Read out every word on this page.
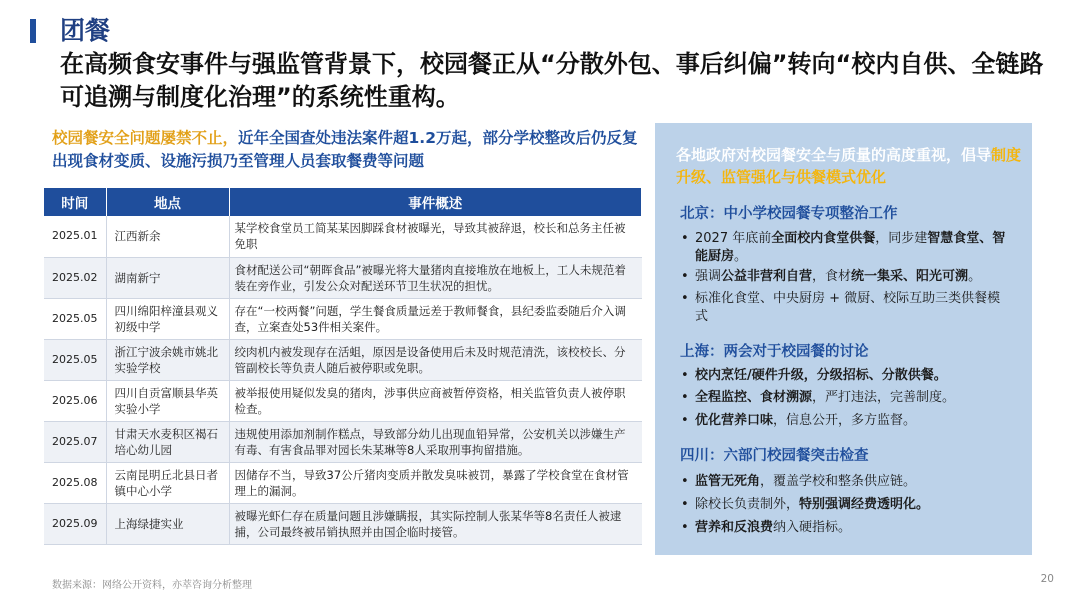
团餐
在高频食安事件与强监管背景下，校园餐正从“分散外包、事后纠偏”转向“校内自供、全链路可追溯与制度化治理”的系统性重构。
校园餐安全问题屡禁不止，近年全国查处违法案件超1.2万起，部分学校整改后仍反复出现食材变质、设施污损乃至管理人员套取餐费等问题
时间	地点	事件概述
2025.01	江西新余	某学校食堂员工简某某因脚踩食材被曝光，导致其被辞退，校长和总务主任被免职
2025.02	湖南新宁	食材配送公司“朝晖食品”被曝光将大量猪肉直接堆放在地板上，工人未规范着装在旁作业，引发公众对配送环节卫生状况的担忧。
2025.05	四川绵阳梓潼县观义初级中学	存在“一校两餐”问题，学生餐食质量远差于教师餐食，县纪委监委随后介入调查，立案查处53件相关案件。
2025.05	浙江宁波余姚市姚北实验学校	绞肉机内被发现存在活蛆，原因是设备使用后未及时规范清洗，该校校长、分管副校长等负责人随后被停职或免职。
2025.06	四川自贡富顺县华英实验小学	被举报使用疑似发臭的猪肉，涉事供应商被暂停资格，相关监管负责人被停职检查。
2025.07	甘肃天水麦积区褐石培心幼儿园	违规使用添加剂制作糕点，导致部分幼儿出现血铅异常，公安机关以涉嫌生产有毒、有害食品罪对园长朱某琳等8人采取刑事拘留措施。
2025.08	云南昆明丘北县日者镇中心小学	因储存不当，导致37公斤猪肉变质并散发臭味被罚，暴露了学校食堂在食材管理上的漏洞。
2025.09	上海绿捷实业	被曝光虾仁存在质量问题且涉嫌瞒报，其实际控制人张某华等8名责任人被逮捕，公司最终被吊销执照并由国企临时接管。
各地政府对校园餐安全与质量的高度重视，倡导制度升级、监管强化与供餐模式优化
北京：中小学校园餐专项整治工作
• 2027 年底前全面校内食堂供餐，同步建智慧食堂、智能厨房。
• 强调公益非营利自营，食材统一集采、阳光可溯。
• 标准化食堂、中央厨房 + 微厨、校际互助三类供餐模式
上海：两会对于校园餐的讨论
• 校内烹饪/硬件升级，分级招标、分散供餐。
• 全程监控、食材溯源，严打违法，完善制度。
• 优化营养口味，信息公开，多方监督。
四川：六部门校园餐突击检查
• 监管无死角，覆盖学校和整条供应链。
• 除校长负责制外，特别强调经费透明化。
• 营养和反浪费纳入硬指标。
数据来源：网络公开资料，亦萃咨询分析整理
20
